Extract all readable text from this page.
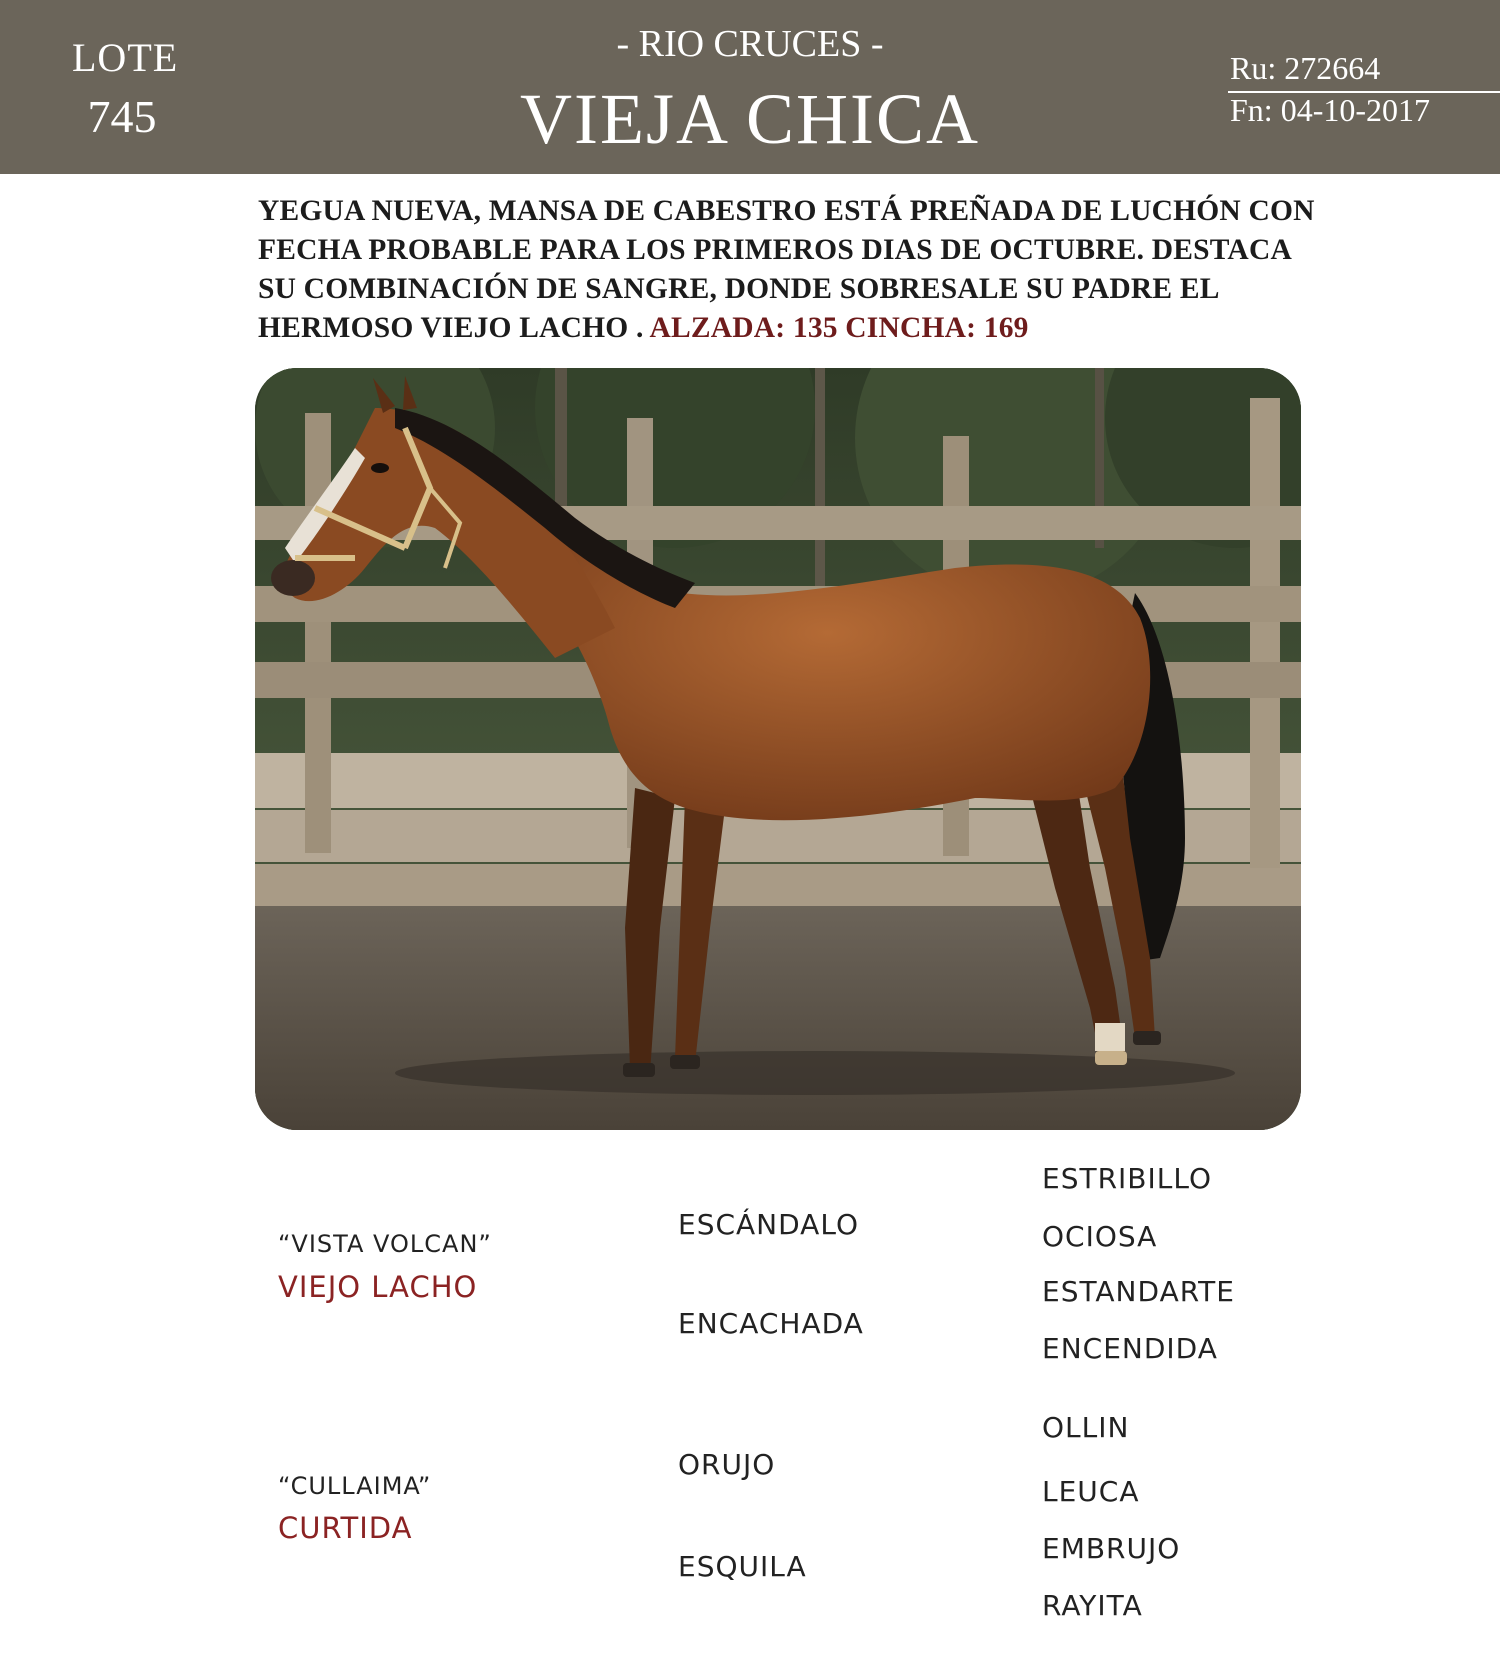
LOTE
745
- RIO CRUCES -
VIEJA CHICA
Ru: 272664
Fn: 04-10-2017
YEGUA NUEVA, MANSA DE CABESTRO ESTÁ PREÑADA DE LUCHÓN CON FECHA PROBABLE PARA LOS PRIMEROS DIAS DE OCTUBRE. DESTACA SU COMBINACIÓN DE SANGRE, DONDE SOBRESALE SU PADRE EL HERMOSO VIEJO LACHO . ALZADA: 135 CINCHA: 169
“VISTA VOLCAN”
VIEJO LACHO
ESCÁNDALO
ENCACHADA
ESTRIBILLO
OCIOSA
ESTANDARTE
ENCENDIDA
“CULLAIMA”
CURTIDA
ORUJO
ESQUILA
OLLIN
LEUCA
EMBRUJO
RAYITA
